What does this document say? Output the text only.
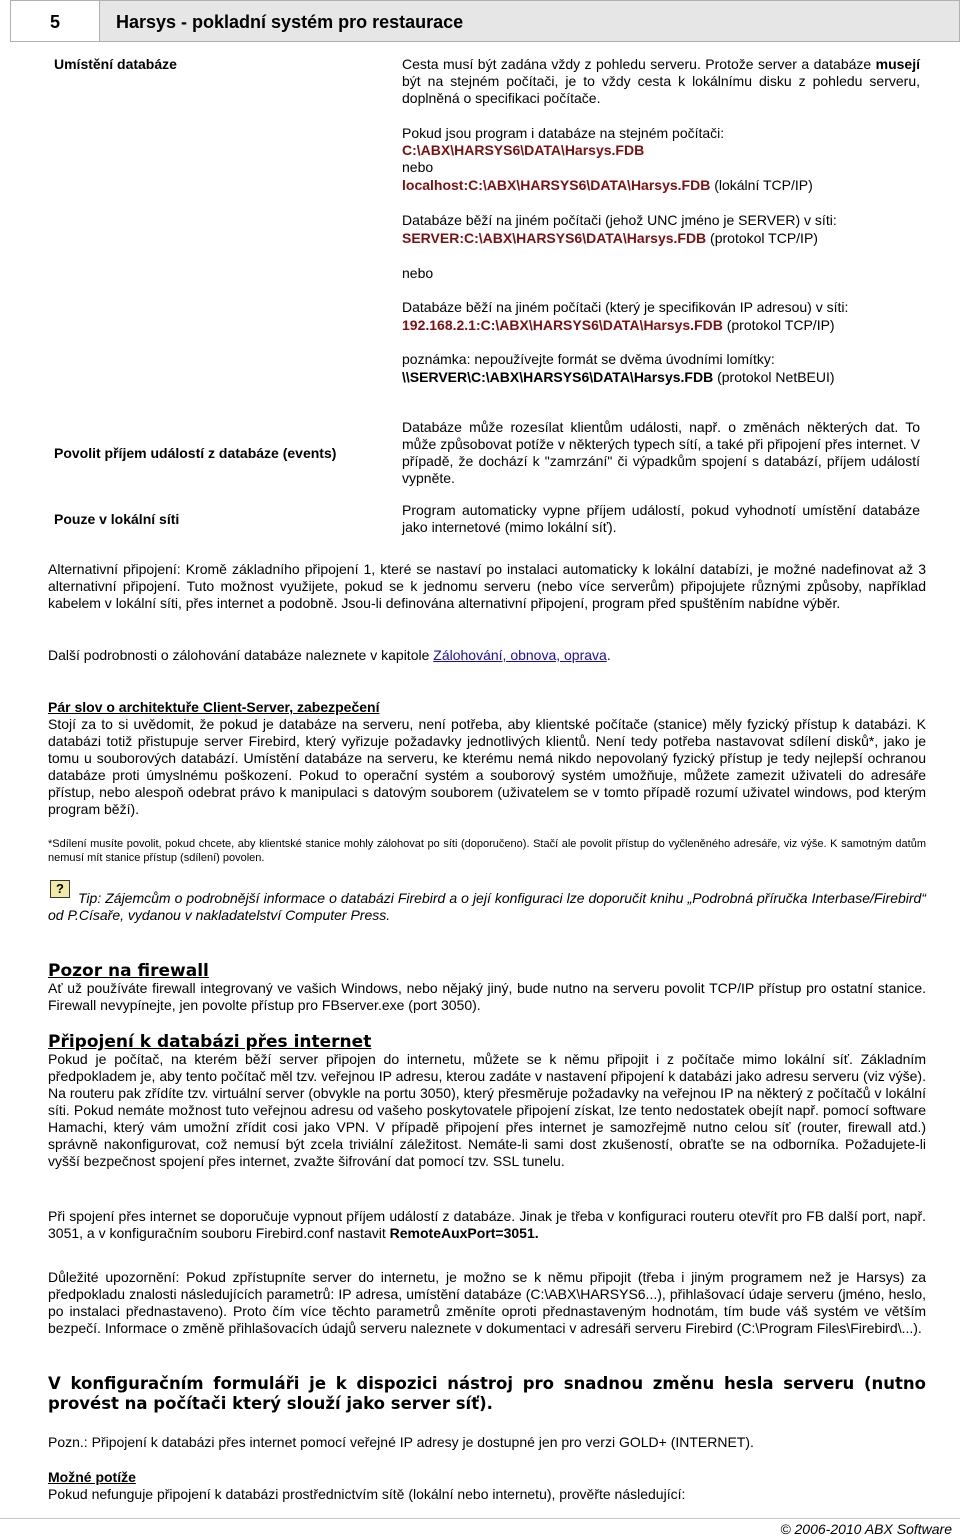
5	Harsys - pokladní systém pro restaurace
Umístění databáze	Cesta musí být zadána vždy z pohledu serveru. Protože server a databáze musejí být na stejném počítači, je to vždy cesta k lokálnímu disku z pohledu serveru, doplněná o specifikaci počítače.
Pokud jsou program i databáze na stejném počítači:
C:\ABX\HARSYS6\DATA\Harsys.FDB
nebo
localhost:C:\ABX\HARSYS6\DATA\Harsys.FDB (lokální TCP/IP)
Databáze běží na jiném počítači (jehož UNC jméno je SERVER) v síti:
SERVER:C:\ABX\HARSYS6\DATA\Harsys.FDB (protokol TCP/IP)
nebo
Databáze běží na jiném počítači (který je specifikován IP adresou) v síti:
192.168.2.1:C:\ABX\HARSYS6\DATA\Harsys.FDB (protokol TCP/IP)
poznámka: nepoužívejte formát se dvěma úvodními lomítky:
\\SERVER\C:\ABX\HARSYS6\DATA\Harsys.FDB (protokol NetBEUI)
Povolit příjem událostí z databáze (events)
Databáze může rozesílat klientům události, např. o změnách některých dat. To může způsobovat potíže v některých typech sítí, a také při připojení přes internet. V případě, že dochází k "zamrzání" či výpadkům spojení s databází, příjem událostí vypněte.
Pouze v lokální síti
Program automaticky vypne příjem událostí, pokud vyhodnotí umístění databáze jako internetové (mimo lokální síť).
Alternativní připojení: Kromě základního připojení 1, které se nastaví po instalaci automaticky k lokální databízi, je možné nadefinovat až 3 alternativní připojení. Tuto možnost využijete, pokud se k jednomu serveru (nebo více serverům) připojujete různými způsoby, například kabelem v lokální síti, přes internet a podobně. Jsou-li definována alternativní připojení, program před spuštěním nabídne výběr.
Další podrobnosti o zálohování databáze naleznete v kapitole Zálohování, obnova, oprava.
Pár slov o architektuře Client-Server, zabezpečení
Stojí za to si uvědomit, že pokud je databáze na serveru, není potřeba, aby klientské počítače (stanice) měly fyzický přístup k databázi. K databázi totiž přistupuje server Firebird, který vyřizuje požadavky jednotlivých klientů. Není tedy potřeba nastavovat sdílení disků*, jako je tomu u souborových databází. Umístění databáze na serveru, ke kterému nemá nikdo nepovolaný fyzický přístup je tedy nejlepší ochranou databáze proti úmyslnému poškození. Pokud to operační systém a souborový systém umožňuje, můžete zamezit uživateli do adresáře přístup, nebo alespoň odebrat právo k manipulaci s datovým souborem (uživatelem se v tomto případě rozumí uživatel windows, pod kterým program běží).
*Sdílení musíte povolit, pokud chcete, aby klientské stanice mohly zálohovat po síti (doporučeno). Stačí ale povolit přístup do vyčleněného adresáře, viz výše. K samotným datům nemusí mít stanice přístup (sdílení) povolen.
?
Tip: Zájemcům o podrobnější informace o databázi Firebird a o její konfiguraci lze doporučit knihu „Podrobná příručka Interbase/Firebird“ od P.Císaře, vydanou v nakladatelství Computer Press.
Pozor na firewall
Ať už používáte firewall integrovaný ve vašich Windows, nebo nějaký jiný, bude nutno na serveru povolit TCP/IP přístup pro ostatní stanice. Firewall nevypínejte, jen povolte přístup pro FBserver.exe (port 3050).
Připojení k databázi přes internet
Pokud je počítač, na kterém běží server připojen do internetu, můžete se k němu připojit i z počítače mimo lokální síť. Základním předpokladem je, aby tento počítač měl tzv. veřejnou IP adresu, kterou zadáte v nastavení připojení k databázi jako adresu serveru (viz výše). Na routeru pak zřídíte tzv. virtuální server (obvykle na portu 3050), který přesměruje požadavky na veřejnou IP na některý z počítačů v lokální síti. Pokud nemáte možnost tuto veřejnou adresu od vašeho poskytovatele připojení získat, lze tento nedostatek obejít např. pomocí software Hamachi, který vám umožní zřídit cosi jako VPN. V případě připojení přes internet je samozřejmě nutno celou síť (router, firewall atd.) správně nakonfigurovat, což nemusí být zcela triviální záležitost. Nemáte-li sami dost zkušeností, obraťte se na odborníka. Požadujete-li vyšší bezpečnost spojení přes internet, zvažte šifrování dat pomocí tzv. SSL tunelu.
Při spojení přes internet se doporučuje vypnout příjem událostí z databáze. Jinak je třeba v konfiguraci routeru otevřít pro FB další port, např. 3051, a v konfiguračním souboru Firebird.conf nastavit RemoteAuxPort=3051.
Důležité upozornění: Pokud zpřístupníte server do internetu, je možno se k němu připojit (třeba i jiným programem než je Harsys) za předpokladu znalosti následujících parametrů: IP adresa, umístění databáze (C:\ABX\HARSYS6...), přihlašovací údaje serveru (jméno, heslo, po instalaci přednastaveno). Proto čím více těchto parametrů změníte oproti přednastaveným hodnotám, tím bude váš systém ve větším bezpečí. Informace o změně přihlašovacích údajů serveru naleznete v dokumentaci v adresáři serveru Firebird (C:\Program Files\Firebird\...).
V konfiguračním formuláři je k dispozici nástroj pro snadnou změnu hesla serveru (nutno provést na počítači který slouží jako server síť).
Pozn.: Připojení k databázi přes internet pomocí veřejné IP adresy je dostupné jen pro verzi GOLD+ (INTERNET).
Možné potíže
Pokud nefunguje připojení k databázi prostřednictvím sítě (lokální nebo internetu), prověřte následující:
© 2006-2010 ABX Software
